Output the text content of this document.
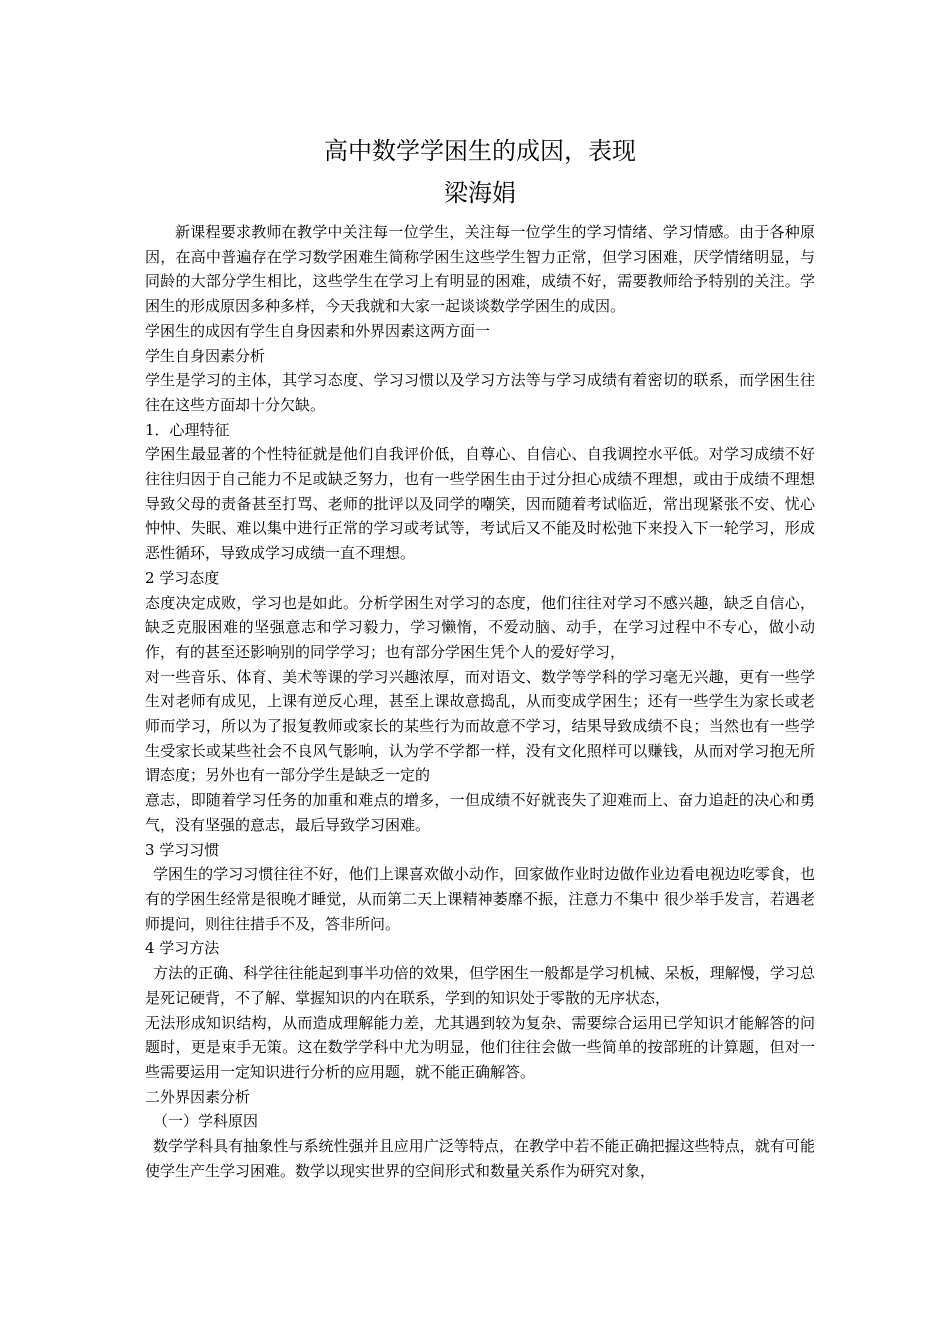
高中数学学困生的成因，表现
梁海娟

新课程要求教师在教学中关注每一位学生，关注每一位学生的学习情绪、学习情感。由于各种原因，在高中普遍存在学习数学困难生简称学困生这些学生智力正常，但学习困难，厌学情绪明显，与同龄的大部分学生相比，这些学生在学习上有明显的困难，成绩不好，需要教师给予特别的关注。学困生的形成原因多种多样，今天我就和大家一起谈谈数学学困生的成因。

学困生的成因有学生自身因素和外界因素这两方面一

学生自身因素分析

学生是学习的主体，其学习态度、学习习惯以及学习方法等与学习成绩有着密切的联系，而学困生往往在这些方面却十分欠缺。

1．心理特征

学困生最显著的个性特征就是他们自我评价低，自尊心、自信心、自我调控水平低。对学习成绩不好往往归因于自己能力不足或缺乏努力，也有一些学困生由于过分担心成绩不理想，或由于成绩不理想导致父母的责备甚至打骂、老师的批评以及同学的嘲笑，因而随着考试临近，常出现紧张不安、忧心忡忡、失眠、难以集中进行正常的学习或考试等，考试后又不能及时松弛下来投入下一轮学习，形成恶性循环，导致成学习成绩一直不理想。

2 学习态度

态度决定成败，学习也是如此。分析学困生对学习的态度，他们往往对学习不感兴趣，缺乏自信心，缺乏克服困难的坚强意志和学习毅力，学习懒惰，不爱动脑、动手，在学习过程中不专心，做小动作，有的甚至还影响别的同学学习；也有部分学困生凭个人的爱好学习，

对一些音乐、体育、美术等课的学习兴趣浓厚，而对语文、数学等学科的学习毫无兴趣，更有一些学生对老师有成见，上课有逆反心理，甚至上课故意捣乱，从而变成学困生；还有一些学生为家长或老师而学习，所以为了报复教师或家长的某些行为而故意不学习，结果导致成绩不良；当然也有一些学生受家长或某些社会不良风气影响，认为学不学都一样，没有文化照样可以赚钱，从而对学习抱无所谓态度；另外也有一部分学生是缺乏一定的

意志，即随着学习任务的加重和难点的增多，一但成绩不好就丧失了迎难而上、奋力追赶的决心和勇气，没有坚强的意志，最后导致学习困难。

3 学习习惯

学困生的学习习惯往往不好，他们上课喜欢做小动作，回家做作业时边做作业边看电视边吃零食，也有的学困生经常是很晚才睡觉，从而第二天上课精神萎靡不振，注意力不集中 很少举手发言，若遇老师提问，则往往措手不及，答非所问。

4 学习方法

方法的正确、科学往往能起到事半功倍的效果，但学困生一般都是学习机械、呆板，理解慢，学习总是死记硬背，不了解、掌握知识的内在联系，学到的知识处于零散的无序状态，

无法形成知识结构，从而造成理解能力差，尤其遇到较为复杂、需要综合运用已学知识才能解答的问题时，更是束手无策。这在数学学科中尤为明显，他们往往会做一些简单的按部班的计算题，但对一些需要运用一定知识进行分析的应用题，就不能正确解答。

二外界因素分析

（一）学科原因

数学学科具有抽象性与系统性强并且应用广泛等特点，在教学中若不能正确把握这些特点，就有可能使学生产生学习困难。数学以现实世界的空间形式和数量关系作为研究对象，
